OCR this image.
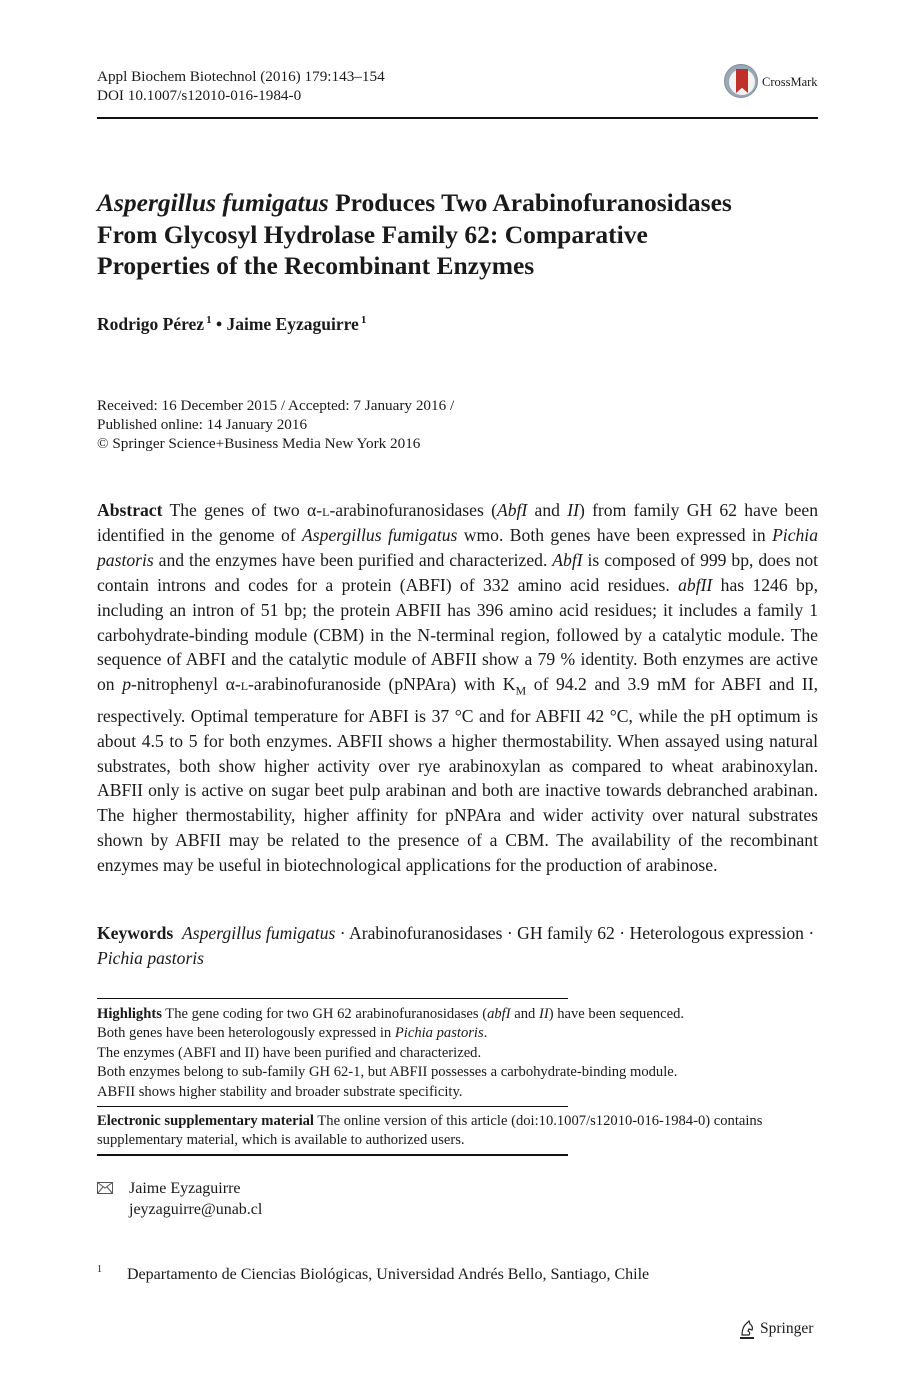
Appl Biochem Biotechnol (2016) 179:143–154
DOI 10.1007/s12010-016-1984-0
CrossMark
Aspergillus fumigatus Produces Two Arabinofuranosidases
From Glycosyl Hydrolase Family 62: Comparative
Properties of the Recombinant Enzymes
Rodrigo Pérez $^1$ • Jaime Eyzaguirre $^1$
Received: 16 December 2015 / Accepted: 7 January 2016 /
Published online: 14 January 2016
© Springer Science+Business Media New York 2016
Abstract The genes of two α-l-arabinofuranosidases (AbfI and II) from family GH 62 have been identified in the genome of Aspergillus fumigatus wmo. Both genes have been expressed in Pichia pastoris and the enzymes have been purified and characterized. AbfI is composed of 999 bp, does not contain introns and codes for a protein (ABFI) of 332 amino acid residues. abfII has 1246 bp, including an intron of 51 bp; the protein ABFII has 396 amino acid residues; it includes a family 1 carbohydrate-binding module (CBM) in the N-terminal region, followed by a catalytic module. The sequence of ABFI and the catalytic module of ABFII show a 79 % identity. Both enzymes are active on p-nitrophenyl α-l-arabinofuranoside (pNPAra) with $K_M$ of 94.2 and 3.9 mM for ABFI and II, respectively. Optimal temperature for ABFI is 37 °C and for ABFII 42 °C, while the pH optimum is about 4.5 to 5 for both enzymes. ABFII shows a higher thermostability. When assayed using natural substrates, both show higher activity over rye arabinoxylan as compared to wheat arabinoxylan. ABFII only is active on sugar beet pulp arabinan and both are inactive towards debranched arabinan. The higher thermostability, higher affinity for pNPAra and wider activity over natural substrates shown by ABFII may be related to the presence of a CBM. The availability of the recombinant enzymes may be useful in biotechnological applications for the production of arabinose.
Keywords Aspergillus fumigatus · Arabinofuranosidases · GH family 62 · Heterologous expression · Pichia pastoris
Highlights The gene coding for two GH 62 arabinofuranosidases (abfI and II) have been sequenced.
Both genes have been heterologously expressed in Pichia pastoris.
The enzymes (ABFI and II) have been purified and characterized.
Both enzymes belong to sub-family GH 62-1, but ABFII possesses a carbohydrate-binding module.
ABFII shows higher stability and broader substrate specificity.
Electronic supplementary material The online version of this article (doi:10.1007/s12010-016-1984-0) contains supplementary material, which is available to authorized users.
Jaime Eyzaguirre
jeyzaguirre@unab.cl
1 Departamento de Ciencias Biológicas, Universidad Andrés Bello, Santiago, Chile
Springer
